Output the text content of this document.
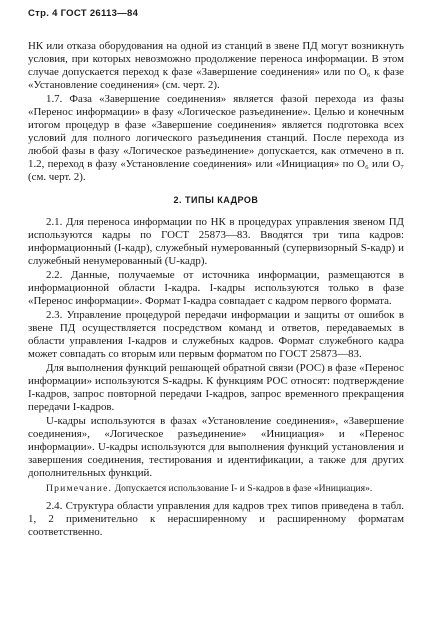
Стр. 4 ГОСТ 26113—84

НК или отказа оборудования на одной из станций в звене ПД могут возникнуть условия, при которых невозможно продолжение переноса информации. В этом случае допускается переход к фазе «Завершение соединения» или по O₆ к фазе «Установление соединения» (см. черт. 2).

1.7. Фаза «Завершение соединения» является фазой перехода из фазы «Перенос информации» в фазу «Логическое разъединение». Целью и конечным итогом процедур в фазе «Завершение соединения» является подготовка всех условий для полного логического разъединения станций. После перехода из любой фазы в фазу «Логическое разъединение» допускается, как отмечено в п. 1.2, переход в фазу «Установление соединения» или «Инициация» по O₆ или O₇ (см. черт. 2).

2. ТИПЫ КАДРОВ

2.1. Для переноса информации по НК в процедурах управления звеном ПД используются кадры по ГОСТ 25873—83. Вводятся три типа кадров: информационный (I-кадр), служебный нумерованный (супервизорный S-кадр) и служебный ненумерованный (U-кадр).

2.2. Данные, получаемые от источника информации, размещаются в информационной области I-кадра. I-кадры используются только в фазе «Перенос информации». Формат I-кадра совпадает с кадром первого формата.

2.3. Управление процедурой передачи информации и защиты от ошибок в звене ПД осуществляется посредством команд и ответов, передаваемых в области управления I-кадров и служебных кадров. Формат служебного кадра может совпадать со вторым или первым форматом по ГОСТ 25873—83.

Для выполнения функций решающей обратной связи (РОС) в фазе «Перенос информации» используются S-кадры. К функциям РОС относят: подтверждение I-кадров, запрос повторной передачи I-кадров, запрос временного прекращения передачи I-кадров.

U-кадры используются в фазах «Установление соединения», «Завершение соединения», «Логическое разъединение» «Инициация» и «Перенос информации». U-кадры используются для выполнения функций установления и завершения соединения, тестирования и идентификации, а также для других дополнительных функций.

Примечание. Допускается использование I- и S-кадров в фазе «Инициация».

2.4. Структура области управления для кадров трех типов приведена в табл. 1, 2 применительно к нерасширенному и расширенному форматам соответственно.
